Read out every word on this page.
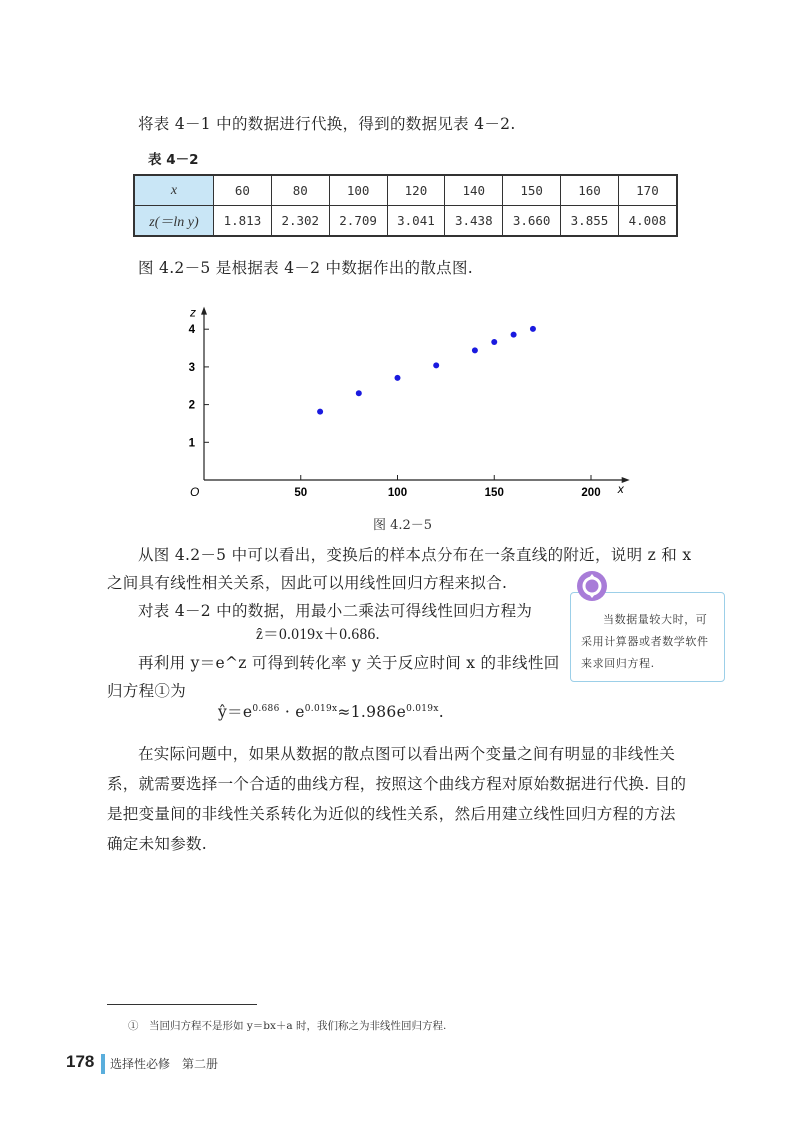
将表 4－1 中的数据进行代换，得到的数据见表 4－2.
表 4－2
x	60	80	100	120	140	150	160	170
z(＝ln y)	1.813	2.302	2.709	3.041	3.438	3.660	3.855	4.008
图 4.2－5 是根据表 4－2 中数据作出的散点图.
x
z
O	50	100	150	200
1
2
3
4
图 4.2－5
从图 4.2－5 中可以看出，变换后的样本点分布在一条直线的附近，说明 z 和 x
之间具有线性相关关系，因此可以用线性回归方程来拟合.
对表 4－2 中的数据，用最小二乘法可得线性回归方程为
ẑ＝0.019x＋0.686.
再利用 y＝e^z 可得到转化率 y 关于反应时间 x 的非线性回
归方程①为
$ŷ=e^{0.686} \cdot e^{0.019x}\approx 1.986e^{0.019x}$.
当数据量较大时，可采用计算器或者数学软件来求回归方程.
在实际问题中，如果从数据的散点图可以看出两个变量之间有明显的非线性关
系，就需要选择一个合适的曲线方程，按照这个曲线方程对原始数据进行代换. 目的
是把变量间的非线性关系转化为近似的线性关系，然后用建立线性回归方程的方法
确定未知参数.
①　当回归方程不是形如 y＝bx＋a 时，我们称之为非线性回归方程.
178 选择性必修　第二册
